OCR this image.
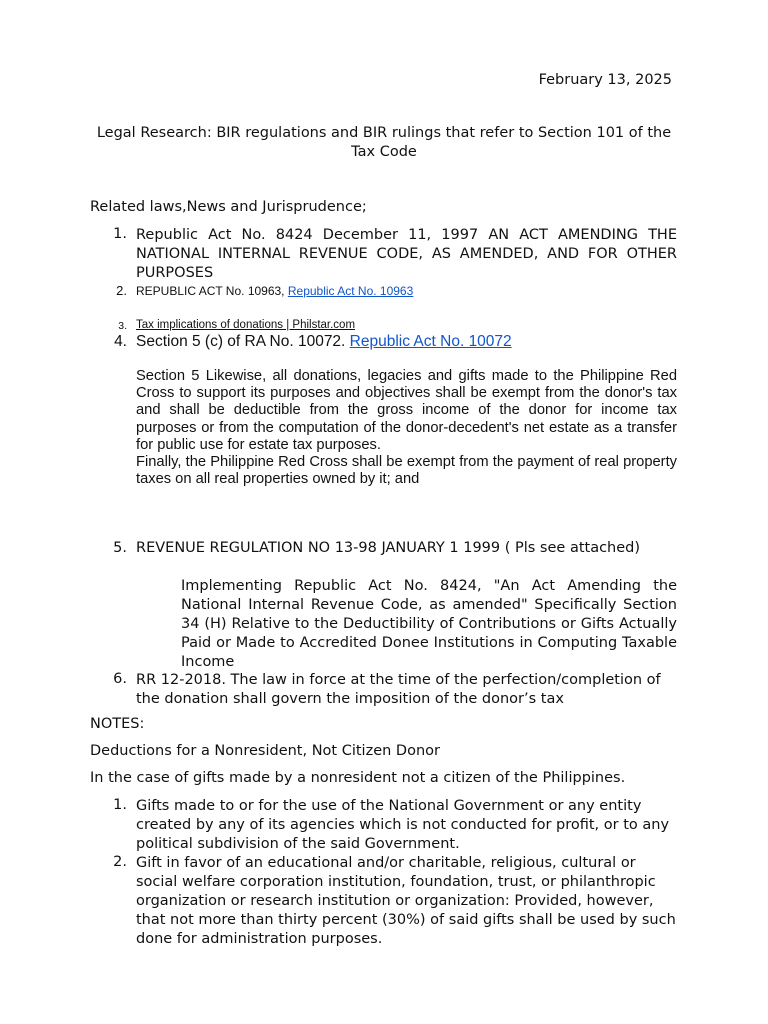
February 13, 2025
Legal Research: BIR regulations and BIR rulings that refer to Section 101 of the Tax Code
Related laws,News and Jurisprudence;
1. Republic Act No. 8424 December 11, 1997 AN ACT AMENDING THE NATIONAL INTERNAL REVENUE CODE, AS AMENDED, AND FOR OTHER PURPOSES
2. REPUBLIC ACT No. 10963, Republic Act No. 10963
3. Tax implications of donations | Philstar.com
4. Section 5 (c) of RA No. 10072. Republic Act No. 10072

Section 5 Likewise, all donations, legacies and gifts made to the Philippine Red Cross to support its purposes and objectives shall be exempt from the donor's tax and shall be deductible from the gross income of the donor for income tax purposes or from the computation of the donor-decedent's net estate as a transfer for public use for estate tax purposes.

Finally, the Philippine Red Cross shall be exempt from the payment of real property taxes on all real properties owned by it; and

5. REVENUE REGULATION NO 13-98 JANUARY 1 1999 ( Pls see attached)
Implementing Republic Act No. 8424, "An Act Amending the National Internal Revenue Code, as amended" Specifically Section 34 (H) Relative to the Deductibility of Contributions or Gifts Actually Paid or Made to Accredited Donee Institutions in Computing Taxable Income
6. RR 12-2018. The law in force at the time of the perfection/completion of the donation shall govern the imposition of the donor’s tax
NOTES:
Deductions for a Nonresident, Not Citizen Donor
In the case of gifts made by a nonresident not a citizen of the Philippines.
1. Gifts made to or for the use of the National Government or any entity created by any of its agencies which is not conducted for profit, or to any political subdivision of the said Government.
2. Gift in favor of an educational and/or charitable, religious, cultural or social welfare corporation institution, foundation, trust, or philanthropic organization or research institution or organization: Provided, however, that not more than thirty percent (30%) of said gifts shall be used by such done for administration purposes.
